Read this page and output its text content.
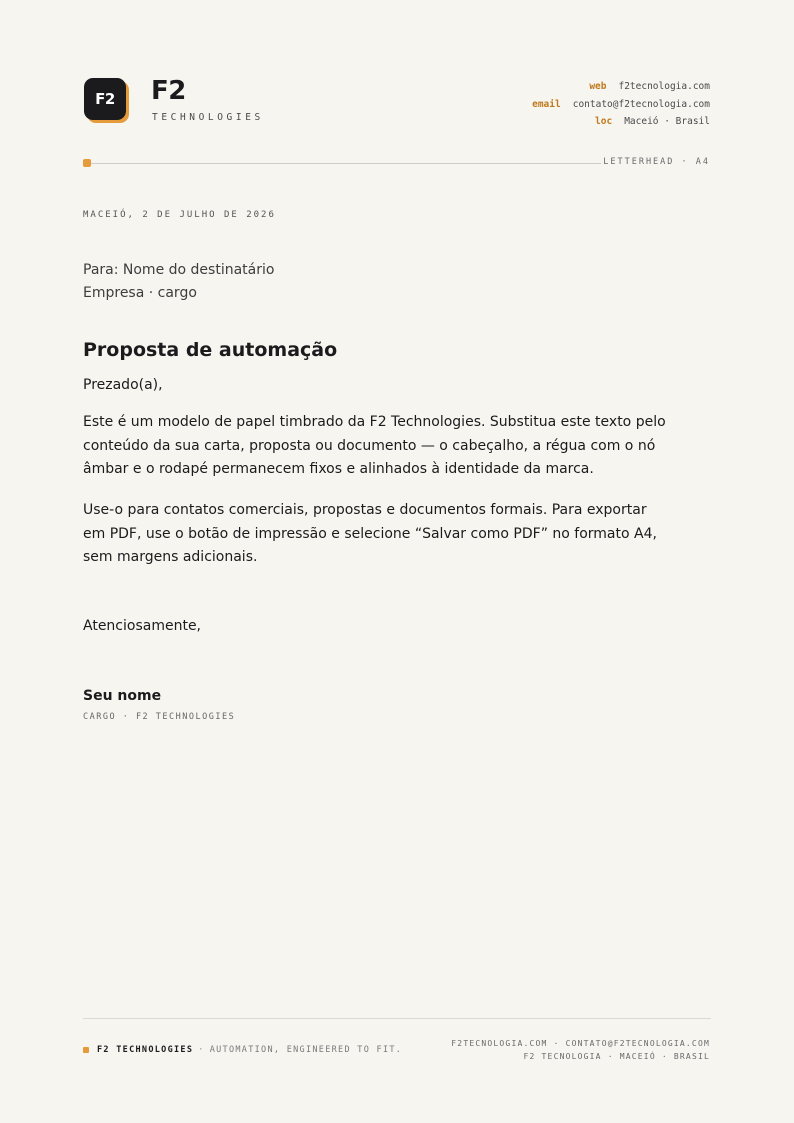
F2	F2
TECHNOLOGIES
web f2tecnologia.com
email contato@f2tecnologia.com
loc Maceió · Brasil
LETTERHEAD · A4
MACEIÓ, 2 DE JULHO DE 2026
Para: Nome do destinatário
Empresa · cargo
Proposta de automação
Prezado(a),

Este é um modelo de papel timbrado da F2 Technologies. Substitua este texto pelo conteúdo da sua carta, proposta ou documento — o cabeçalho, a régua com o nó âmbar e o rodapé permanecem fixos e alinhados à identidade da marca.

Use-o para contatos comerciais, propostas e documentos formais. Para exportar em PDF, use o botão de impressão e selecione “Salvar como PDF” no formato A4, sem margens adicionais.

Atenciosamente,
Seu nome
CARGO · F2 TECHNOLOGIES
F2 TECHNOLOGIES · AUTOMATION, ENGINEERED TO FIT.
F2TECNOLOGIA.COM · CONTATO@F2TECNOLOGIA.COM
F2 TECNOLOGIA · MACEIÓ · BRASIL
